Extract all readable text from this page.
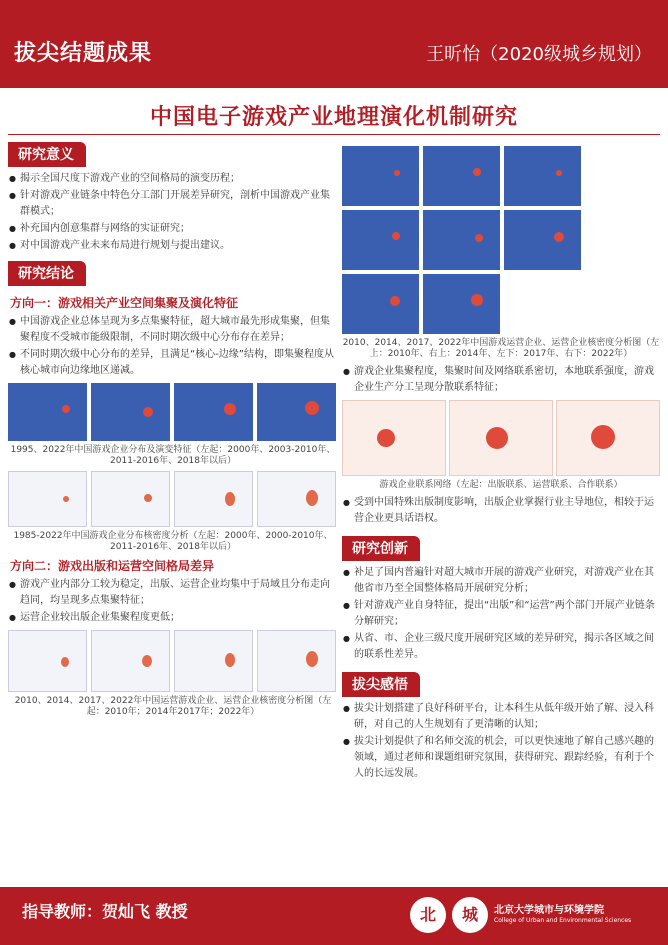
拔尖结题成果	王昕怡（2020级城乡规划）
中国电子游戏产业地理演化机制研究
研究意义
● 揭示全国尺度下游戏产业的空间格局的演变历程；
● 针对游戏产业链条中特色分工部门开展差异研究，剖析中国游戏产业集群模式；
● 补充国内创意集群与网络的实证研究；
● 对中国游戏产业未来布局进行规划与提出建议。
研究结论
方向一：游戏相关产业空间集聚及演化特征
● 中国游戏企业总体呈现为多点集聚特征，超大城市最先形成集聚，但集聚程度不受城市能级限制，不同时期次级中心分布存在差异；
● 不同时期次级中心分布的差异，且满足“核心-边缘”结构，即集聚程度从核心城市向边缘地区递减。
1995、2022年中国游戏企业分布及演变特征（左起：2000年、2003-2010年、2011-2016年、2018年以后）
1985-2022年中国游戏企业分布核密度分析（左起：2000年、2000-2010年、2011-2016年、2018年以后）
方向二：游戏出版和运营空间格局差异
● 游戏产业内部分工较为稳定，出版、运营企业均集中于局域且分布走向趋同，均呈现多点集聚特征；
● 运营企业较出版企业集聚程度更低；
2010、2014、2017、2022年中国运营游戏企业、运营企业核密度分析图（左起：2010年；2014年2017年；2022年）
2010、2014、2017、2022年中国游戏运营企业、运营企业核密度分析图（左上：2010年、右上：2014年、左下：2017年、右下：2022年）
● 游戏企业集聚程度，集聚时间及网络联系密切，本地联系强度，游戏企业生产分工呈现分散联系特征；
游戏企业联系网络（左起：出版联系、运营联系、合作联系）
● 受到中国特殊出版制度影响，出版企业掌握行业主导地位，相较于运营企业更具话语权。
研究创新
● 补足了国内普遍针对超大城市开展的游戏产业研究，对游戏产业在其他省市乃至全国整体格局开展研究分析；
● 针对游戏产业自身特征，提出“出版”和“运营”两个部门开展产业链条分解研究；
● 从省、市、企业三级尺度开展研究区域的差异研究，揭示各区域之间的联系性差异。
拔尖感悟
● 拔尖计划搭建了良好科研平台，让本科生从低年级开始了解、浸入科研，对自己的人生规划有了更清晰的认知；
● 拔尖计划提供了和名师交流的机会，可以更快速地了解自己感兴趣的领域，通过老师和课题组研究氛围，获得研究、跟踪经验，有利于个人的长远发展。
指导教师：贺灿飞 教授	北	城	北京大学城市与环境学院
College of Urban and Environmental Sciences
